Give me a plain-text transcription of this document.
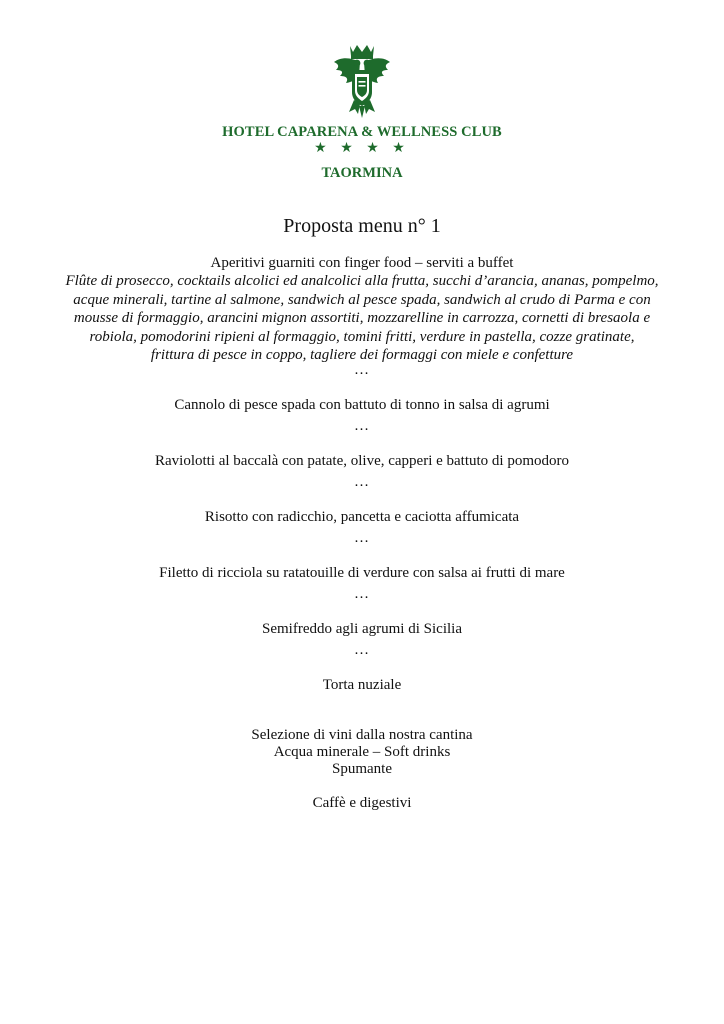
HOTEL CAPARENA & WELLNESS CLUB
★ ★ ★ ★
TAORMINA
Proposta menu n° 1
Aperitivi guarniti con finger food – serviti a buffet
Flûte di prosecco, cocktails alcolici ed analcolici alla frutta, succhi d’arancia, ananas, pompelmo,
acque minerali, tartine al salmone, sandwich al pesce spada, sandwich al crudo di Parma e con
mousse di formaggio, arancini mignon assortiti, mozzarelline in carrozza, cornetti di bresaola e
robiola, pomodorini ripieni al formaggio, tomini fritti, verdure in pastella, cozze gratinate,
frittura di pesce in coppo, tagliere dei formaggi con miele e confetture
…
Cannolo di pesce spada con battuto di tonno in salsa di agrumi
…
Raviolotti al baccalà con patate, olive, capperi e battuto di pomodoro
…
Risotto con radicchio, pancetta e caciotta affumicata
…
Filetto di ricciola su ratatouille di verdure con salsa ai frutti di mare
…
Semifreddo agli agrumi di Sicilia
…
Torta nuziale
Selezione di vini dalla nostra cantina
Acqua minerale – Soft drinks
Spumante
Caffè e digestivi
